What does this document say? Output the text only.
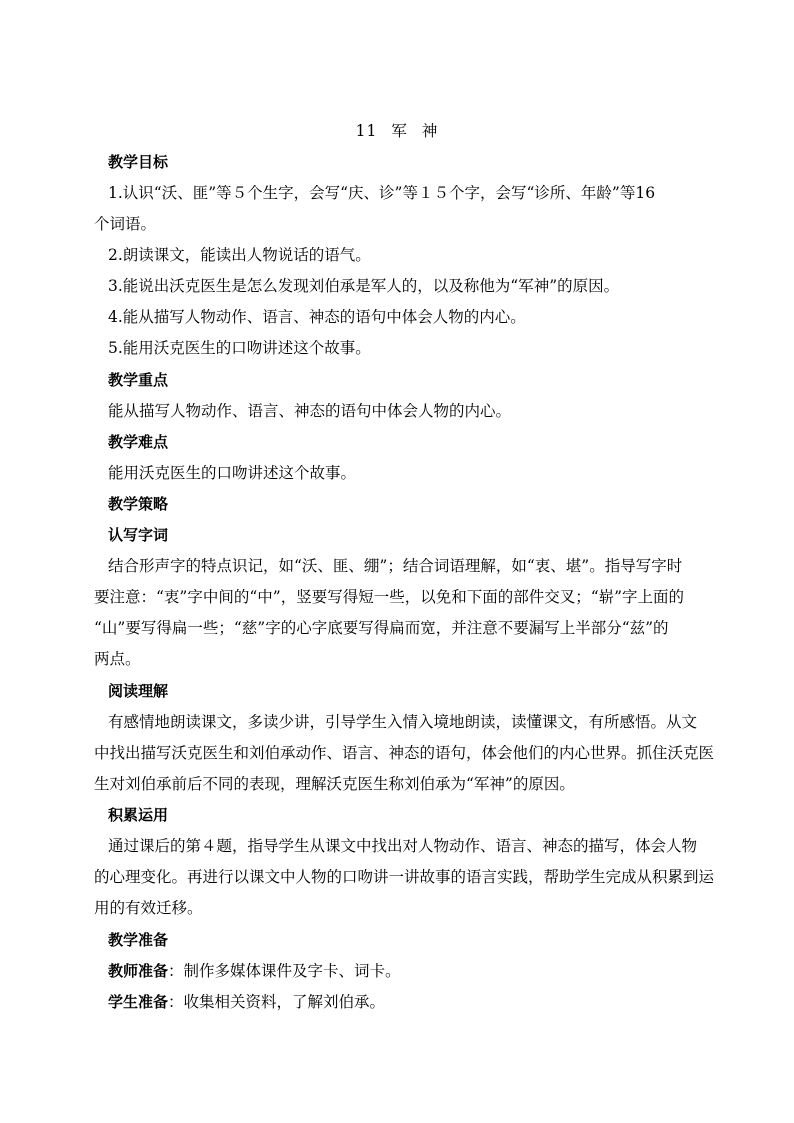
11 军 神
教学目标
1.认识“沃、匪”等５个生字，会写“庆、诊”等１５个字，会写“诊所、年龄”等16
个词语。
2.朗读课文，能读出人物说话的语气。
3.能说出沃克医生是怎么发现刘伯承是军人的，以及称他为“军神”的原因。
4.能从描写人物动作、语言、神态的语句中体会人物的内心。
5.能用沃克医生的口吻讲述这个故事。
教学重点
能从描写人物动作、语言、神态的语句中体会人物的内心。
教学难点
能用沃克医生的口吻讲述这个故事。
教学策略
认写字词
结合形声字的特点识记，如“沃、匪、绷”；结合词语理解，如“衷、堪”。指导写字时
要注意：“衷”字中间的“中”，竖要写得短一些，以免和下面的部件交叉；“崭”字上面的
“山”要写得扁一些；“慈”字的心字底要写得扁而宽，并注意不要漏写上半部分“兹”的
两点。
阅读理解
有感情地朗读课文，多读少讲，引导学生入情入境地朗读，读懂课文，有所感悟。从文
中找出描写沃克医生和刘伯承动作、语言、神态的语句，体会他们的内心世界。抓住沃克医
生对刘伯承前后不同的表现，理解沃克医生称刘伯承为“军神”的原因。
积累运用
通过课后的第４题，指导学生从课文中找出对人物动作、语言、神态的描写，体会人物
的心理变化。再进行以课文中人物的口吻讲一讲故事的语言实践，帮助学生完成从积累到运
用的有效迁移。
教学准备
教师准备：制作多媒体课件及字卡、词卡。
学生准备：收集相关资料，了解刘伯承。
